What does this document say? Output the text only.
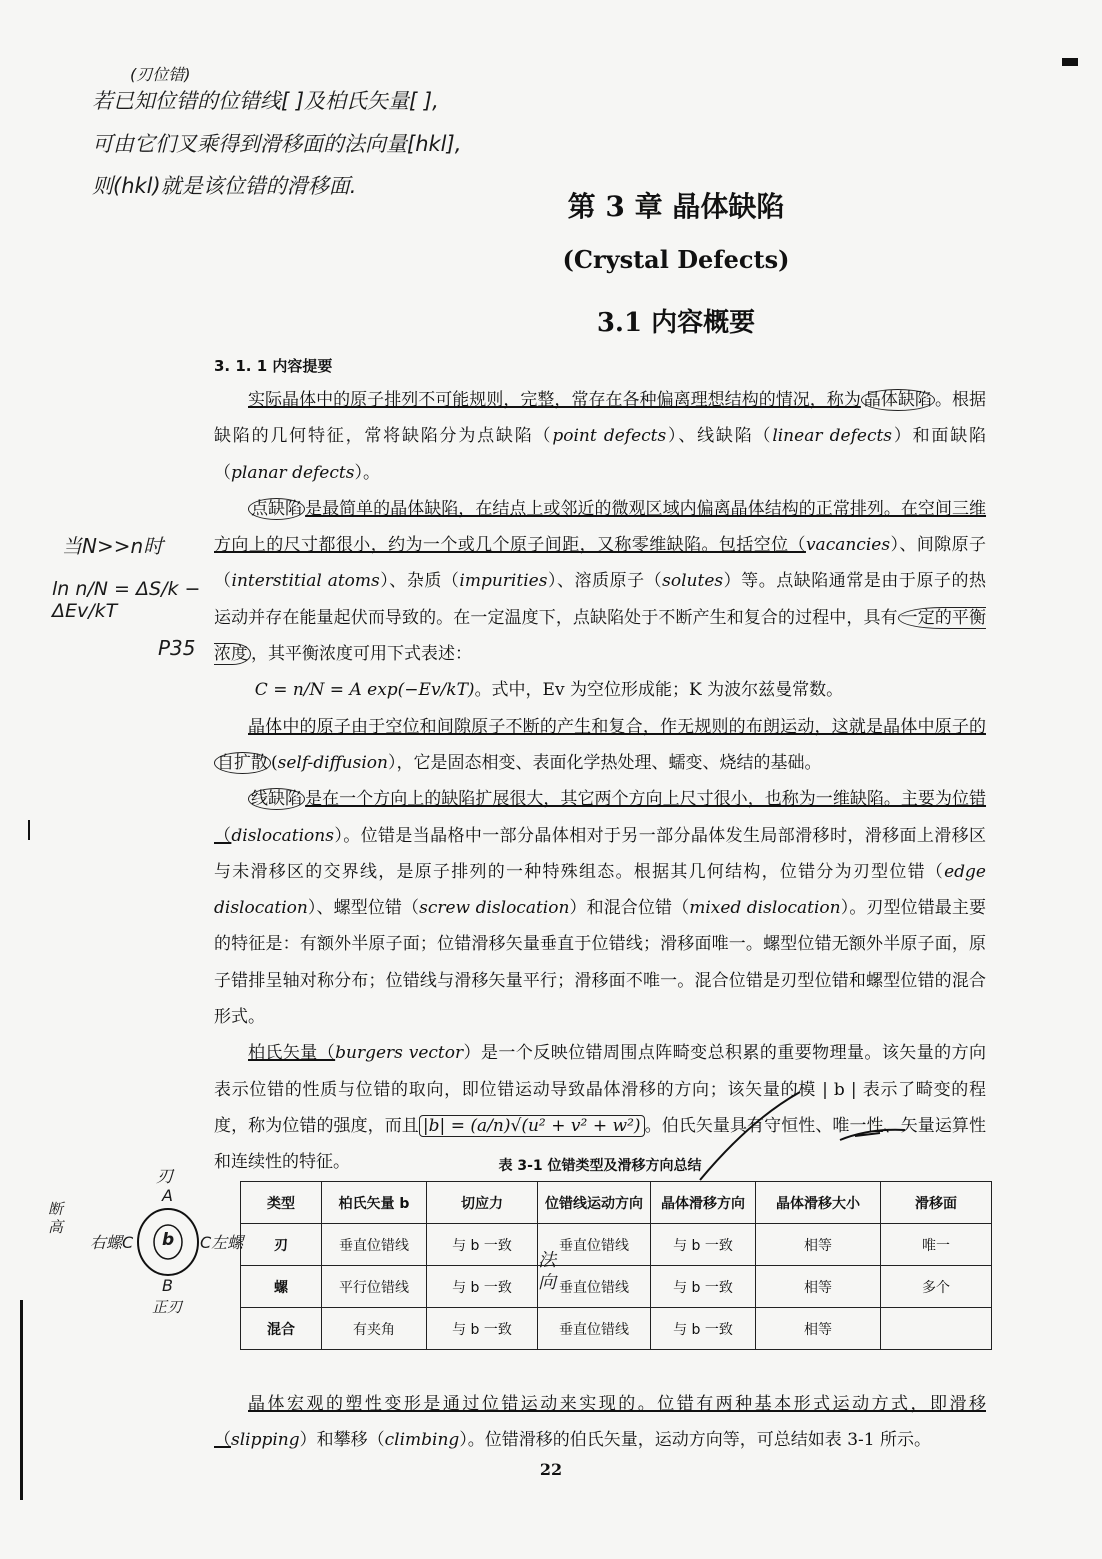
(刃位错)
若已知位错的位错线[ ]及柏氏矢量[ ],
可由它们叉乘得到滑移面的法向量[hkl],
则(hkl)就是该位错的滑移面.
第 3 章 晶体缺陷
(Crystal Defects)
3.1 内容概要
3. 1. 1 内容提要
当N>>n时
ln n/N = ΔS/k − ΔEv/kT
P35

实际晶体中的原子排列不可能规则，完整，常存在各种偏离理想结构的情况，称为 晶体缺陷 。根据缺陷的几何特征，常将缺陷分为点缺陷（point defects）、线缺陷（linear defects）和面缺陷（planar defects）。

点缺陷 是最简单的晶体缺陷，在结点上或邻近的微观区域内偏离晶体结构的正常排列。在空间三维方向上的尺寸都很小，约为一个或几个原子间距，又称零维缺陷。包括空位（vacancies）、间隙原子（interstitial atoms）、杂质（impurities）、溶质原子（solutes）等。点缺陷通常是由于原子的热运动并存在能量起伏而导致的。在一定温度下，点缺陷处于不断产生和复合的过程中，具有 一定的平衡浓度 ，其平衡浓度可用下式表述：

C = n/N = A exp(−Ev/kT)。式中，Ev 为空位形成能；K 为波尔兹曼常数。

晶体中的原子由于空位和间隙原子不断的产生和复合，作无规则的布朗运动，这就是晶体中原子的自扩散 (self-diffusion），它是固态相变、表面化学热处理、蠕变、烧结的基础。

线缺陷 是在一个方向上的缺陷扩展很大，其它两个方向上尺寸很小，也称为一维缺陷。主要为位错（dislocations）。位错是当晶格中一部分晶体相对于另一部分晶体发生局部滑移时，滑移面上滑移区与未滑移区的交界线，是原子排列的一种特殊组态。根据其几何结构，位错分为刃型位错（edge dislocation）、螺型位错（screw dislocation）和混合位错（mixed dislocation）。刃型位错最主要的特征是：有额外半原子面；位错滑移矢量垂直于位错线；滑移面唯一。螺型位错无额外半原子面，原子错排呈轴对称分布；位错线与滑移矢量平行；滑移面不唯一。混合位错是刃型位错和螺型位错的混合形式。

柏氏矢量（burgers vector）是一个反映位错周围点阵畸变总积累的重要物理量。该矢量的方向表示位错的性质与位错的取向，即位错运动导致晶体滑移的方向；该矢量的模 | b | 表示了畸变的程度，称为位错的强度，而且 |b| = (a/n)√(u² + v² + w²) 。伯氏矢量具有守恒性、唯一性、矢量运算性和连续性的特征。

刃
A
b
右螺C	C左螺
B
正刃
断高
表 3-1 位错类型及滑移方向总结
类型	柏氏矢量 b	切应力	位错线运动方向	晶体滑移方向	晶体滑移大小	滑移面
刃	垂直位错线	与 b 一致	垂直位错线	与 b 一致	相等	唯一
螺	平行位错线	与 b 一致	垂直位错线	与 b 一致	相等	多个
混合	有夹角	与 b 一致	垂直位错线	与 b 一致	相等	
法向

晶体宏观的塑性变形是通过位错运动来实现的。位错有两种基本形式运动方式，即滑移（slipping）和攀移（climbing）。位错滑移的伯氏矢量，运动方向等，可总结如表 3-1 所示。

22
